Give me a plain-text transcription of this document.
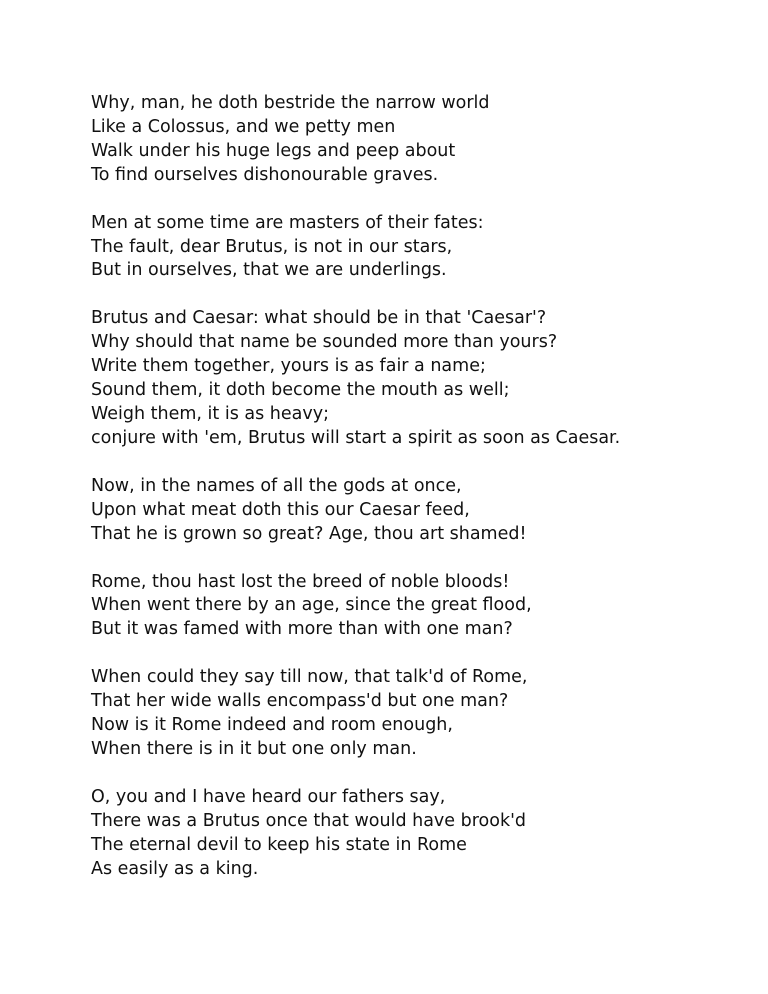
Why, man, he doth bestride the narrow world
Like a Colossus, and we petty men
Walk under his huge legs and peep about
To find ourselves dishonourable graves.
Men at some time are masters of their fates:
The fault, dear Brutus, is not in our stars,
But in ourselves, that we are underlings.
Brutus and Caesar: what should be in that 'Caesar'?
Why should that name be sounded more than yours?
Write them together, yours is as fair a name;
Sound them, it doth become the mouth as well;
Weigh them, it is as heavy;
conjure with 'em, Brutus will start a spirit as soon as Caesar.
Now, in the names of all the gods at once,
Upon what meat doth this our Caesar feed,
That he is grown so great? Age, thou art shamed!
Rome, thou hast lost the breed of noble bloods!
When went there by an age, since the great flood,
But it was famed with more than with one man?
When could they say till now, that talk'd of Rome,
That her wide walls encompass'd but one man?
Now is it Rome indeed and room enough,
When there is in it but one only man.
O, you and I have heard our fathers say,
There was a Brutus once that would have brook'd
The eternal devil to keep his state in Rome
As easily as a king.
